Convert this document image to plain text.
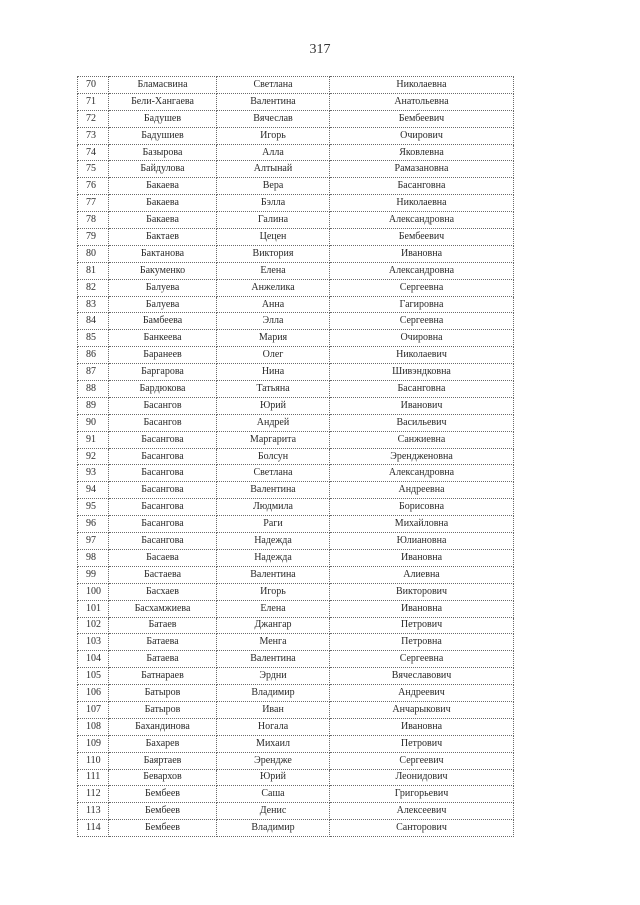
317
70	Бламасвина	Светлана	Николаевна
71	Бели-Хангаева	Валентина	Анатольевна
72	Бадушев	Вячеслав	Бембеевич
73	Бадушиев	Игорь	Очирович
74	Базырова	Алла	Яковлевна
75	Байдулова	Алтынай	Рамазановна
76	Бакаева	Вера	Басанговна
77	Бакаева	Бэлла	Николаевна
78	Бакаева	Галина	Александровна
79	Бактаев	Цецен	Бембеевич
80	Бактанова	Виктория	Ивановна
81	Бакуменко	Елена	Александровна
82	Балуева	Анжелика	Сергеевна
83	Балуева	Анна	Гагировна
84	Бамбеева	Элла	Сергеевна
85	Банкеева	Мария	Очировна
86	Баранеев	Олег	Николаевич
87	Баргарова	Нина	Шивэндковна
88	Бардюкова	Татьяна	Басанговна
89	Басангов	Юрий	Иванович
90	Басангов	Андрей	Васильевич
91	Басангова	Маргарита	Санжиевна
92	Басангова	Болсун	Эрендженовна
93	Басангова	Светлана	Александровна
94	Басангова	Валентина	Андреевна
95	Басангова	Людмила	Борисовна
96	Басангова	Раги	Михайловна
97	Басангова	Надежда	Юлиановна
98	Басаева	Надежда	Ивановна
99	Бастаева	Валентина	Алиевна
100	Басхаев	Игорь	Викторович
101	Басхамжиева	Елена	Ивановна
102	Батаев	Джангар	Петрович
103	Батаева	Менга	Петровна
104	Батаева	Валентина	Сергеевна
105	Батнараев	Эрдни	Вячеславович
106	Батыров	Владимир	Андреевич
107	Батыров	Иван	Анчарыкович
108	Бахандинова	Ногала	Ивановна
109	Бахарев	Михаил	Петрович
110	Баяртаев	Эрендже	Сергеевич
111	Бевархов	Юрий	Леонидович
112	Бембеев	Саша	Григорьевич
113	Бембеев	Денис	Алексеевич
114	Бембеев	Владимир	Санторович
